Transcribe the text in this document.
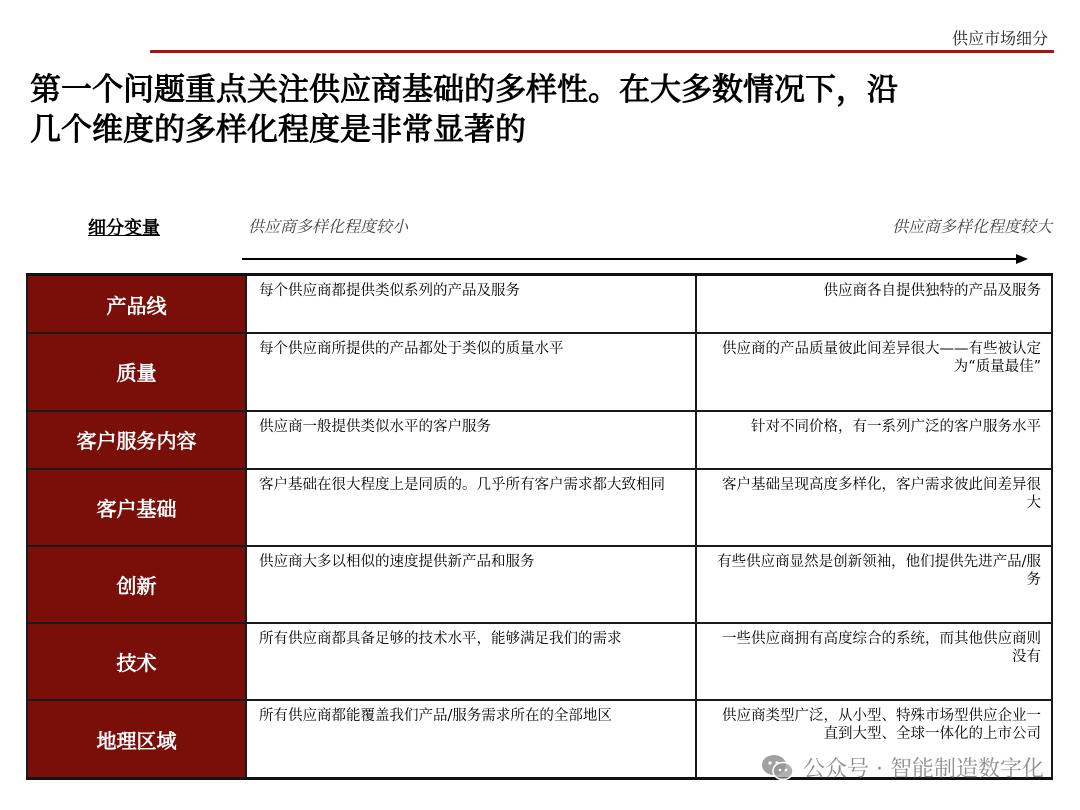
供应市场细分
第一个问题重点关注供应商基础的多样性。在大多数情况下，沿
几个维度的多样化程度是非常显著的
细分变量	供应商多样化程度较小	供应商多样化程度较大
产品线	每个供应商都提供类似系列的产品及服务	供应商各自提供独特的产品及服务
质量	每个供应商所提供的产品都处于类似的质量水平	供应商的产品质量彼此间差异很大——有些被认定为“质量最佳”
客户服务内容	供应商一般提供类似水平的客户服务	针对不同价格，有一系列广泛的客户服务水平
客户基础	客户基础在很大程度上是同质的。几乎所有客户需求都大致相同	客户基础呈现高度多样化，客户需求彼此间差异很大
创新	供应商大多以相似的速度提供新产品和服务	有些供应商显然是创新领袖，他们提供先进产品/服务
技术	所有供应商都具备足够的技术水平，能够满足我们的需求	一些供应商拥有高度综合的系统，而其他供应商则没有
地理区域	所有供应商都能覆盖我们产品/服务需求所在的全部地区	供应商类型广泛，从小型、特殊市场型供应企业一直到大型、全球一体化的上市公司
公众号 · 智能制造数字化
